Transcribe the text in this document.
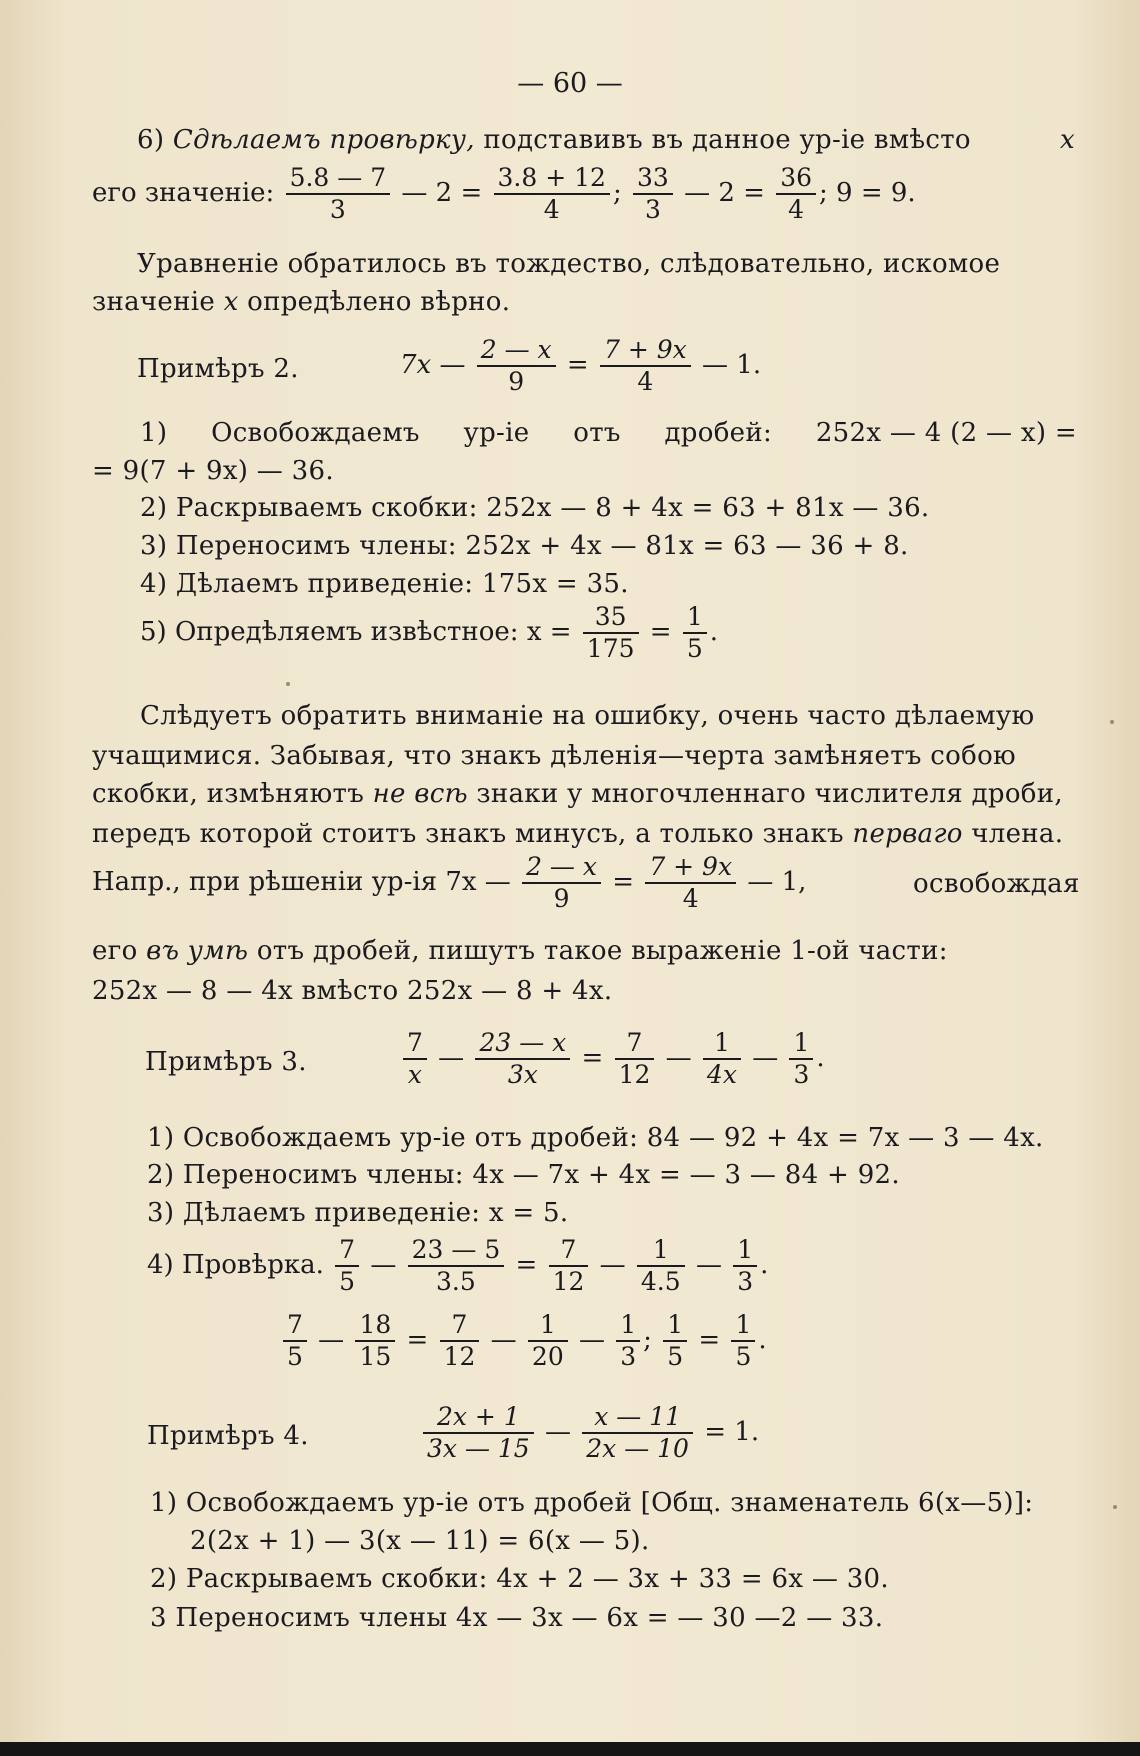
— 60 —
6) Сдѣлаемъ провѣрку, подставивъ въ данное ур-іе вмѣсто	x
его значеніе: $\frac{5.8 — 7}{3}$ — $2 = \frac{3.8 + 12}{4}$ ; $\frac{33}{3}$ — $2 = \frac{36}{4}$ ; 9 = 9.
Уравненіе обратилось въ тождество, слѣдовательно, искомое
значеніе x опредѣлено вѣрно.
Примѣръ 2.	7x — $\frac{2 — x}{9} = \frac{7 + 9x}{4}$ — 1.
1) Освобождаемъ ур-іе отъ дробей: 252x — 4 (2 — x) =
= 9(7 + 9x) — 36.
2) Раскрываемъ скобки: 252x — 8 + 4x = 63 + 81x — 36.
3) Переносимъ члены: 252x + 4x — 81x = 63 — 36 + 8.
4) Дѣлаемъ приведеніе: 175x = 35.
5) Опредѣляемъ извѣстное: $x = \frac{35}{175} = \frac{1}{5}$ .
Слѣдуетъ обратить вниманіе на ошибку, очень часто дѣлаемую
учащимися. Забывая, что знакъ дѣленія—черта замѣняетъ собою
скобки, измѣняютъ не всѣ знаки у многочленнаго числителя дроби,
передъ которой стоитъ знакъ минусъ, а только знакъ перваго члена.
Напр., при рѣшеніи ур-ія 7x — $\frac{2 — x}{9} = \frac{7 + 9x}{4}$ — 1,	освобождая
его въ умѣ отъ дробей, пишутъ такое выраженіе 1-ой части:
252x — 8 — 4x вмѣсто 252x — 8 + 4x.
Примѣръ 3.	$\frac{7}{x}$ — $\frac{23 — x}{3x} = \frac{7}{12}$ — $\frac{1}{4x}$ — $\frac{1}{3}$ .
1) Освобождаемъ ур-іе отъ дробей: 84 — 92 + 4x = 7x — 3 — 4x.
2) Переносимъ члены: 4x — 7x + 4x = — 3 — 84 + 92.
3) Дѣлаемъ приведеніе: x = 5.
4) Провѣрка. $\frac{7}{5}$ — $\frac{23 — 5}{3.5} = \frac{7}{12}$ — $\frac{1}{4.5}$ — $\frac{1}{3}$ .
$\frac{7}{5}$ — $\frac{18}{15} = \frac{7}{12}$ — $\frac{1}{20}$ — $\frac{1}{3}$ ; $\frac{1}{5} = \frac{1}{5}$ .
Примѣръ 4.	$\frac{2x + 1}{3x — 15}$ — $\frac{x — 11}{2x — 10} = 1$.
1) Освобождаемъ ур-іе отъ дробей [Общ. знаменатель 6(x—5)]:
2(2x + 1) — 3(x — 11) = 6(x — 5).
2) Раскрываемъ скобки: 4x + 2 — 3x + 33 = 6x — 30.
3 Переносимъ члены 4x — 3x — 6x = — 30 —2 — 33.
